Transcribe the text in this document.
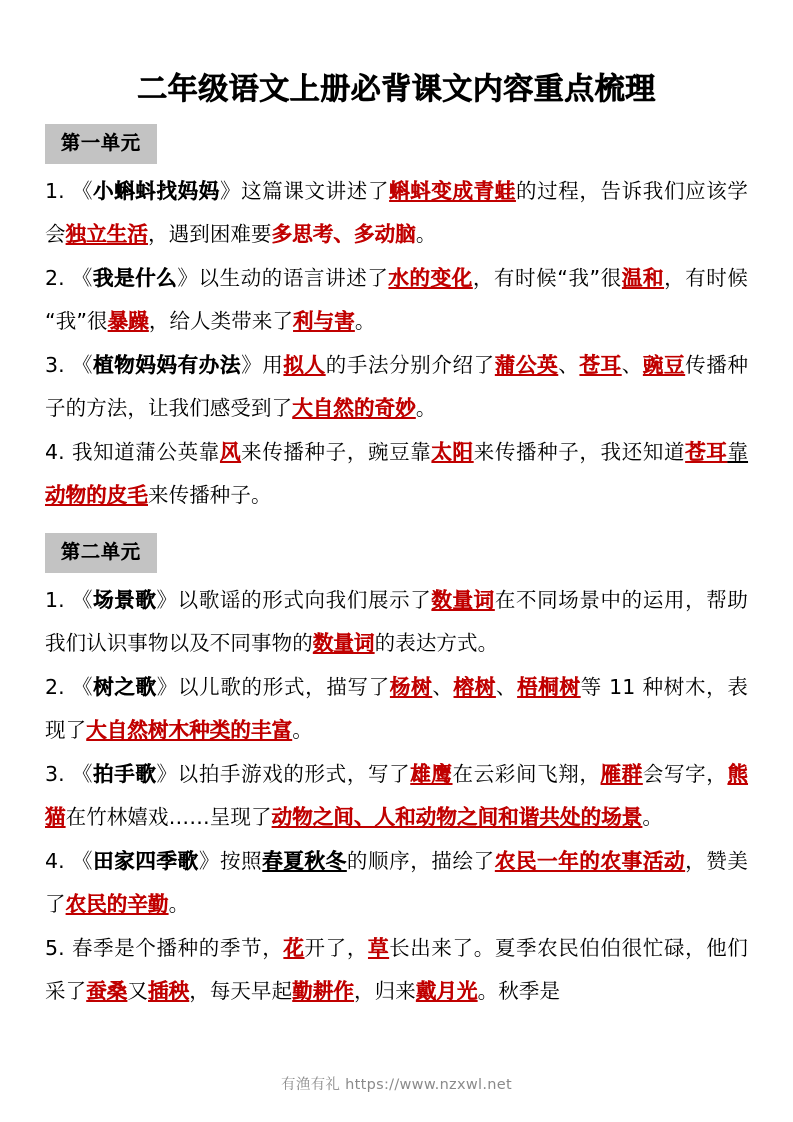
二年级语文上册必背课文内容重点梳理
第一单元

1. 《小蝌蚪找妈妈》这篇课文讲述了蝌蚪变成青蛙的过程，告诉我们应该学会独立生活，遇到困难要多思考、多动脑。

2. 《我是什么》以生动的语言讲述了水的变化，有时候“我”很温和，有时候 “我”很暴躁，给人类带来了利与害。

3. 《植物妈妈有办法》用拟人的手法分别介绍了蒲公英、苍耳、豌豆传播种子的方法，让我们感受到了大自然的奇妙。

4. 我知道蒲公英靠风来传播种子，豌豆靠太阳来传播种子，我还知道苍耳靠动物的皮毛来传播种子。

第二单元

1. 《场景歌》以歌谣的形式向我们展示了数量词在不同场景中的运用，帮助我们认识事物以及不同事物的数量词的表达方式。

2. 《树之歌》以儿歌的形式，描写了杨树、榕树、梧桐树等 11 种树木，表现了大自然树木种类的丰富。

3. 《拍手歌》以拍手游戏的形式，写了雄鹰在云彩间飞翔，雁群会写字，熊猫在竹林嬉戏……呈现了动物之间、人和动物之间和谐共处的场景。

4. 《田家四季歌》按照春夏秋冬的顺序，描绘了农民一年的农事活动，赞美了农民的辛勤。

5. 春季是个播种的季节，花开了，草长出来了。夏季农民伯伯很忙碌，他们采了蚕桑又插秧，每天早起勤耕作，归来戴月光。秋季是

有渔有礼 https://www.nzxwl.net
